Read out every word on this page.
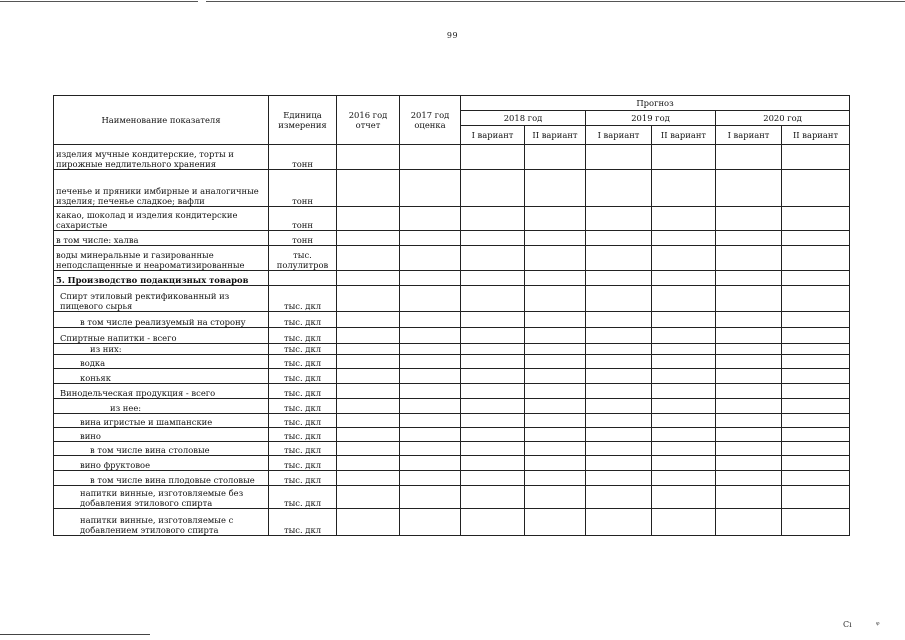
99
Наименование показателя	Единица измерения	2016 год отчет	2017 год оценка	Прогноз					
				2018 год		2019 год		2020 год	
				I вариант	II вариант	I вариант	II вариант	I вариант	II вариант
изделия мучные кондитерские, торты и пирожные недлительного хранения	тонн								
печенье и пряники имбирные и аналогичные изделия; печенье сладкое; вафли	тонн								
какао, шоколад и изделия кондитерские сахаристые	тонн								
в том числе: халва	тонн								
воды минеральные и газированные неподслащенные и неароматизированные	тыс. полулитров								
5. Производство подакцизных товаров									
Спирт этиловый ректификованный из пищевого сырья	тыс. дкл								
в том числе реализуемый на сторону	тыс. дкл								
Спиртные напитки - всего	тыс. дкл								
из них:	тыс. дкл								
водка	тыс. дкл								
коньяк	тыс. дкл								
Винодельческая продукция - всего	тыс. дкл								
из нее:	тыс. дкл								
вина игристые и шампанские	тыс. дкл								
вино	тыс. дкл								
в том числе вина столовые	тыс. дкл								
вино фруктовое	тыс. дкл								
в том числе вина плодовые столовые	тыс. дкл								
напитки винные, изготовляемые без добавления этилового спирта	тыс. дкл								
напитки винные, изготовляемые с добавлением этилового спирта	тыс. дкл								
Cı	ᵠ
